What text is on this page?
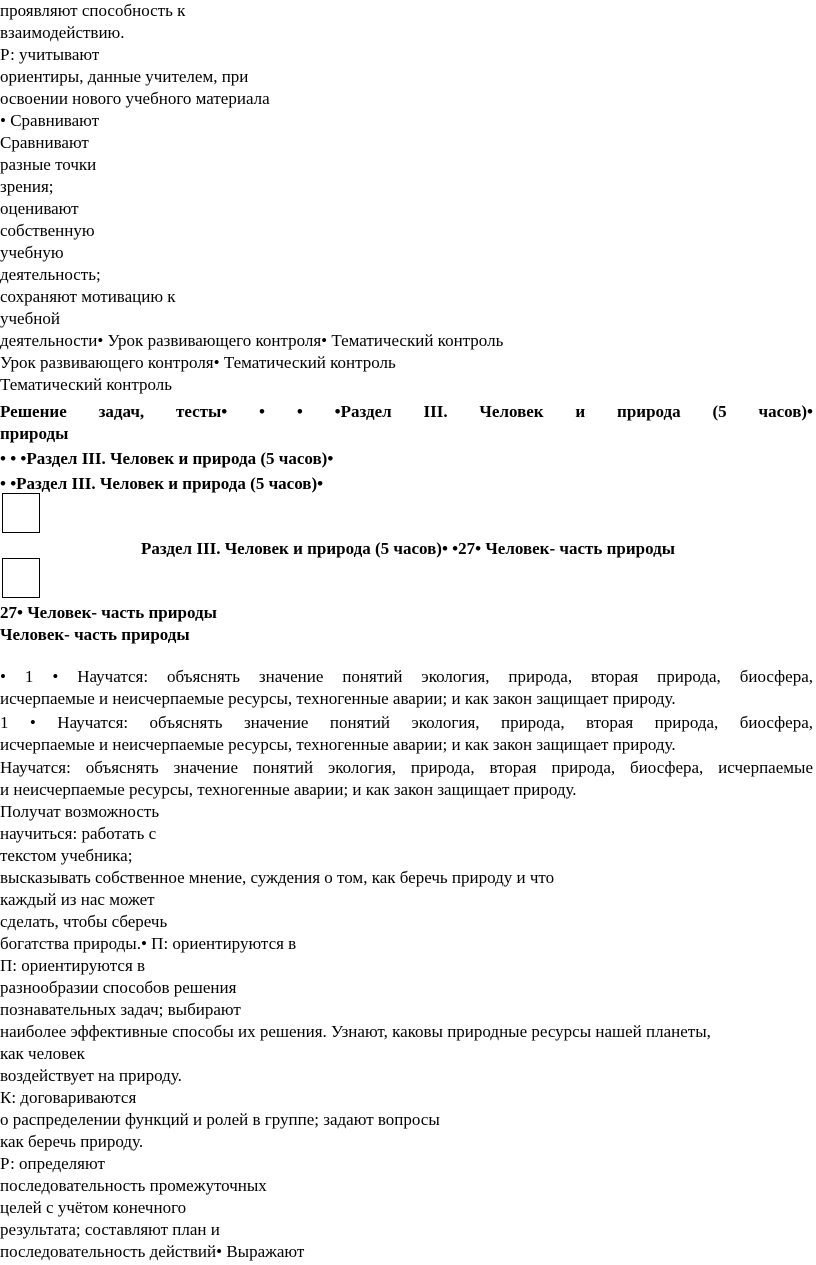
проявляют способность к
взаимодействию.
Р: учитывают
ориентиры, данные учителем, при
освоении нового учебного материала
• Сравнивают
Сравнивают
разные точки
зрения;
оценивают
собственную
учебную
деятельность;
сохраняют мотивацию к
учебной
деятельности• Урок развивающего контроля• Тематический контроль
Урок развивающего контроля• Тематический контроль
Тематический контроль
Решение задач, тесты• • • •Раздел III. Человек и природа (5 часов)•
природы
• • •Раздел III. Человек и природа (5 часов)•
• •Раздел III. Человек и природа (5 часов)•
Раздел III. Человек и природа (5 часов)• •27• Человек- часть природы
27• Человек- часть природы
Человек- часть природы
• 1 • Научатся: объяснять значение понятий экология, природа, вторая природа, биосфера,
исчерпаемые и неисчерпаемые ресурсы, техногенные аварии; и как закон защищает природу.
1 • Научатся: объяснять значение понятий экология, природа, вторая природа, биосфера,
исчерпаемые и неисчерпаемые ресурсы, техногенные аварии; и как закон защищает природу.
Научатся: объяснять значение понятий экология, природа, вторая природа, биосфера, исчерпаемые
и неисчерпаемые ресурсы, техногенные аварии; и как закон защищает природу.
Получат возможность
научиться: работать с
текстом учебника;
высказывать собственное мнение, суждения о том, как беречь природу и что
каждый из нас может
сделать, чтобы сберечь
богатства природы.• П: ориентируются в
П: ориентируются в
разнообразии способов решения
познавательных задач; выбирают
наиболее эффективные способы их решения. Узнают, каковы природные ресурсы нашей планеты,
как человек
воздействует на природу.
К: договариваются
о распределении функций и ролей в группе; задают вопросы
как беречь природу.
Р: определяют
последовательность промежуточных
целей с учётом конечного
результата; составляют план и
последовательность действий• Выражают
